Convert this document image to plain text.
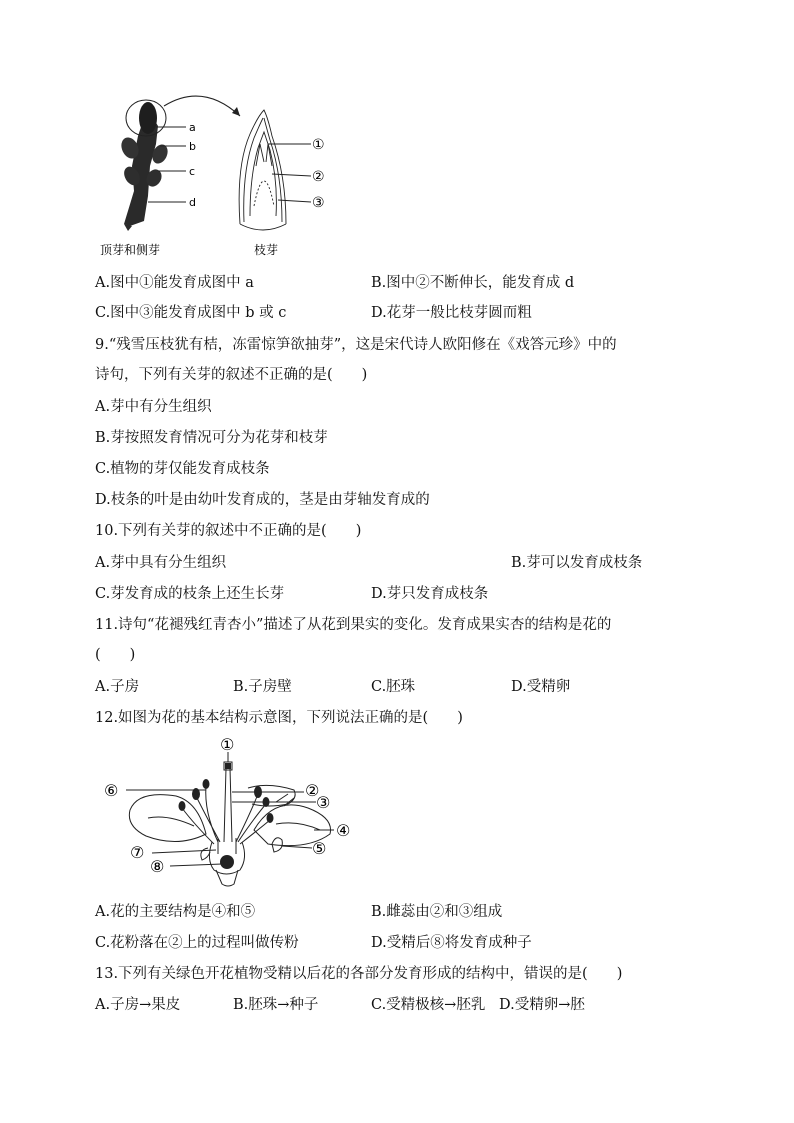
a
b
c
d
①
②
③
顶芽和侧芽	枝芽
A.图中①能发育成图中 a	B.图中②不断伸长，能发育成 d
C.图中③能发育成图中 b 或 c	D.花芽一般比枝芽圆而粗
9.“残雪压枝犹有桔，冻雷惊笋欲抽芽”，这是宋代诗人欧阳修在《戏答元珍》中的
诗句，下列有关芽的叙述不正确的是(　　)
A.芽中有分生组织
B.芽按照发育情况可分为花芽和枝芽
C.植物的芽仅能发育成枝条
D.枝条的叶是由幼叶发育成的，茎是由芽轴发育成的
10.下列有关芽的叙述中不正确的是(　　)
A.芽中具有分生组织	B.芽可以发育成枝条
C.芽发育成的枝条上还生长芽	D.芽只发育成枝条
11.诗句“花褪残红青杏小”描述了从花到果实的变化。发育成果实杏的结构是花的
(　　)
A.子房	B.子房壁	C.胚珠	D.受精卵
12.如图为花的基本结构示意图，下列说法正确的是(　　)
①
②
③
④
⑤
⑥
⑦
⑧
A.花的主要结构是④和⑤	B.雌蕊由②和③组成
C.花粉落在②上的过程叫做传粉	D.受精后⑧将发育成种子
13.下列有关绿色开花植物受精以后花的各部分发育形成的结构中，错误的是(　　)
A.子房→果皮	B.胚珠→种子	C.受精极核→胚乳 D.受精卵→胚
